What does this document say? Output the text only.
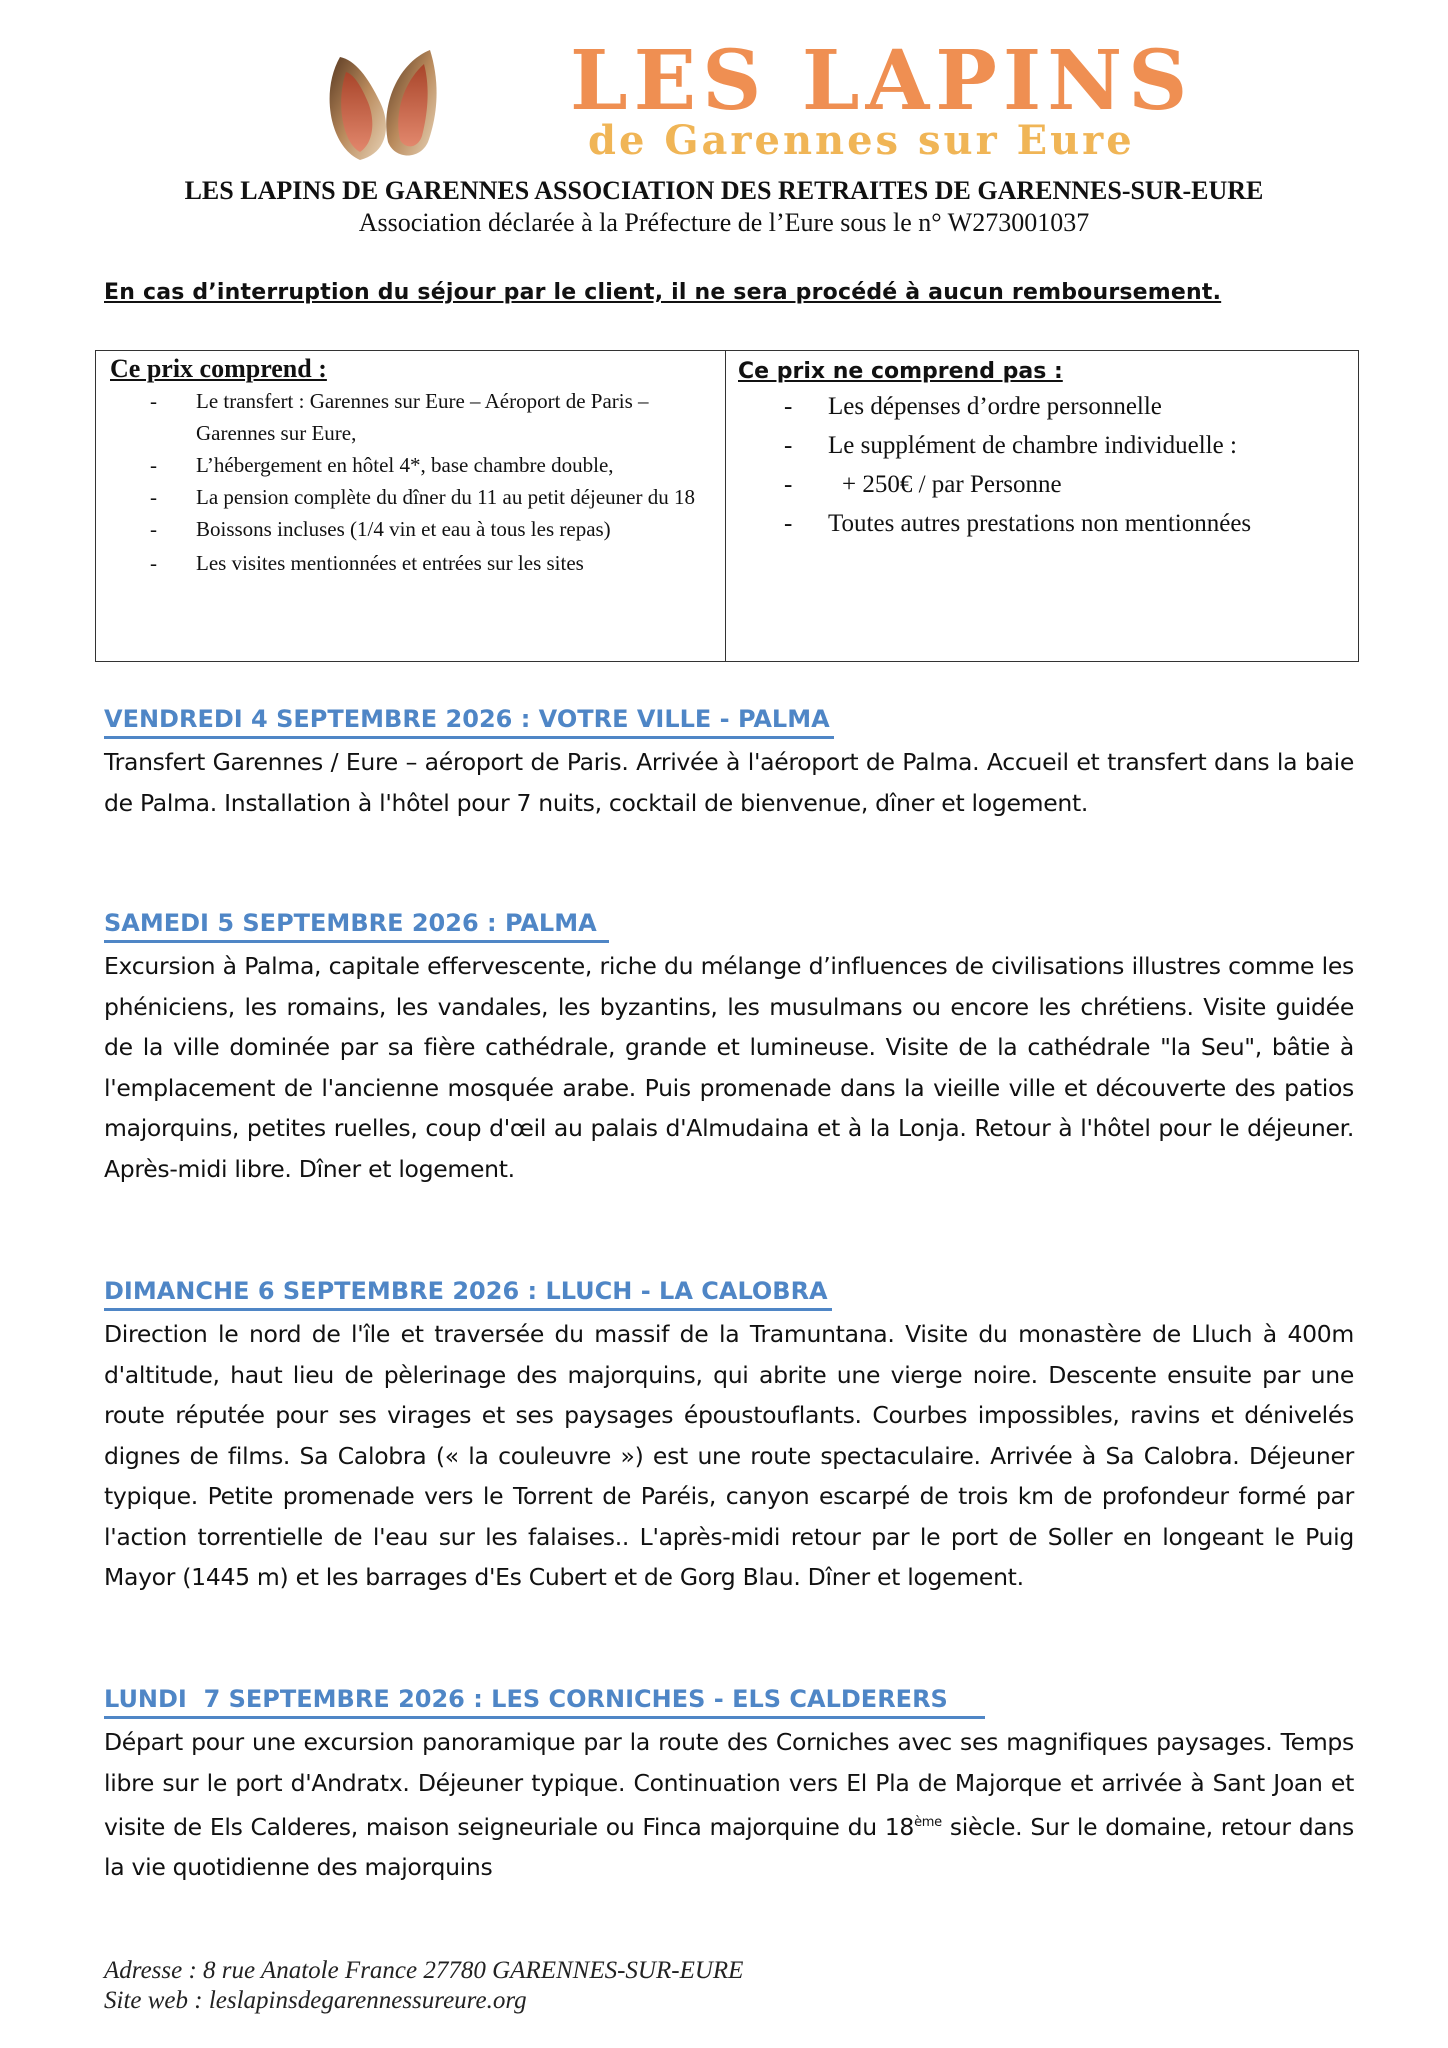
LES LAPINS
de Garennes sur Eure
LES LAPINS DE GARENNES ASSOCIATION DES RETRAITES DE GARENNES-SUR-EURE
Association déclarée à la Préfecture de l’Eure sous le n° W273001037
En cas d’interruption du séjour par le client, il ne sera procédé à aucun remboursement.
Ce prix comprend :
- Le transfert : Garennes sur Eure – Aéroport de Paris – Garennes sur Eure,
- L’hébergement en hôtel 4*, base chambre double,
- La pension complète du dîner du 11 au petit déjeuner du 18
- Boissons incluses (1/4 vin et eau à tous les repas)
- Les visites mentionnées et entrées sur les sites
Ce prix ne comprend pas :
- Les dépenses d’ordre personnelle
- Le supplément de chambre individuelle :
- + 250€ / par Personne
- Toutes autres prestations non mentionnées
VENDREDI 4 SEPTEMBRE 2026 : VOTRE VILLE - PALMA
Transfert Garennes / Eure – aéroport de Paris. Arrivée à l'aéroport de Palma. Accueil et transfert dans la baie de Palma. Installation à l'hôtel pour 7 nuits, cocktail de bienvenue, dîner et logement.
SAMEDI 5 SEPTEMBRE 2026 : PALMA
Excursion à Palma, capitale effervescente, riche du mélange d’influences de civilisations illustres comme les phéniciens, les romains, les vandales, les byzantins, les musulmans ou encore les chrétiens. Visite guidée de la ville dominée par sa fière cathédrale, grande et lumineuse. Visite de la cathédrale "la Seu", bâtie à l'emplacement de l'ancienne mosquée arabe. Puis promenade dans la vieille ville et découverte des patios majorquins, petites ruelles, coup d'œil au palais d'Almudaina et à la Lonja. Retour à l'hôtel pour le déjeuner. Après-midi libre. Dîner et logement.
DIMANCHE 6 SEPTEMBRE 2026 : LLUCH - LA CALOBRA
Direction le nord de l'île et traversée du massif de la Tramuntana. Visite du monastère de Lluch à 400m d'altitude, haut lieu de pèlerinage des majorquins, qui abrite une vierge noire. Descente ensuite par une route réputée pour ses virages et ses paysages époustouflants. Courbes impossibles, ravins et dénivelés dignes de films. Sa Calobra (« la couleuvre ») est une route spectaculaire. Arrivée à Sa Calobra. Déjeuner typique. Petite promenade vers le Torrent de Paréis, canyon escarpé de trois km de profondeur formé par l'action torrentielle de l'eau sur les falaises.. L'après-midi retour par le port de Soller en longeant le Puig Mayor (1445 m) et les barrages d'Es Cubert et de Gorg Blau. Dîner et logement.
LUNDI  7 SEPTEMBRE 2026 : LES CORNICHES - ELS CALDERERS
Départ pour une excursion panoramique par la route des Corniches avec ses magnifiques paysages. Temps libre sur le port d'Andratx. Déjeuner typique. Continuation vers El Pla de Majorque et arrivée à Sant Joan et visite de Els Calderes, maison seigneuriale ou Finca majorquine du 18ème siècle. Sur le domaine, retour dans la vie quotidienne des majorquins
Adresse : 8 rue Anatole France 27780 GARENNES-SUR-EURE
Site web : leslapinsdegarennessureure.org
